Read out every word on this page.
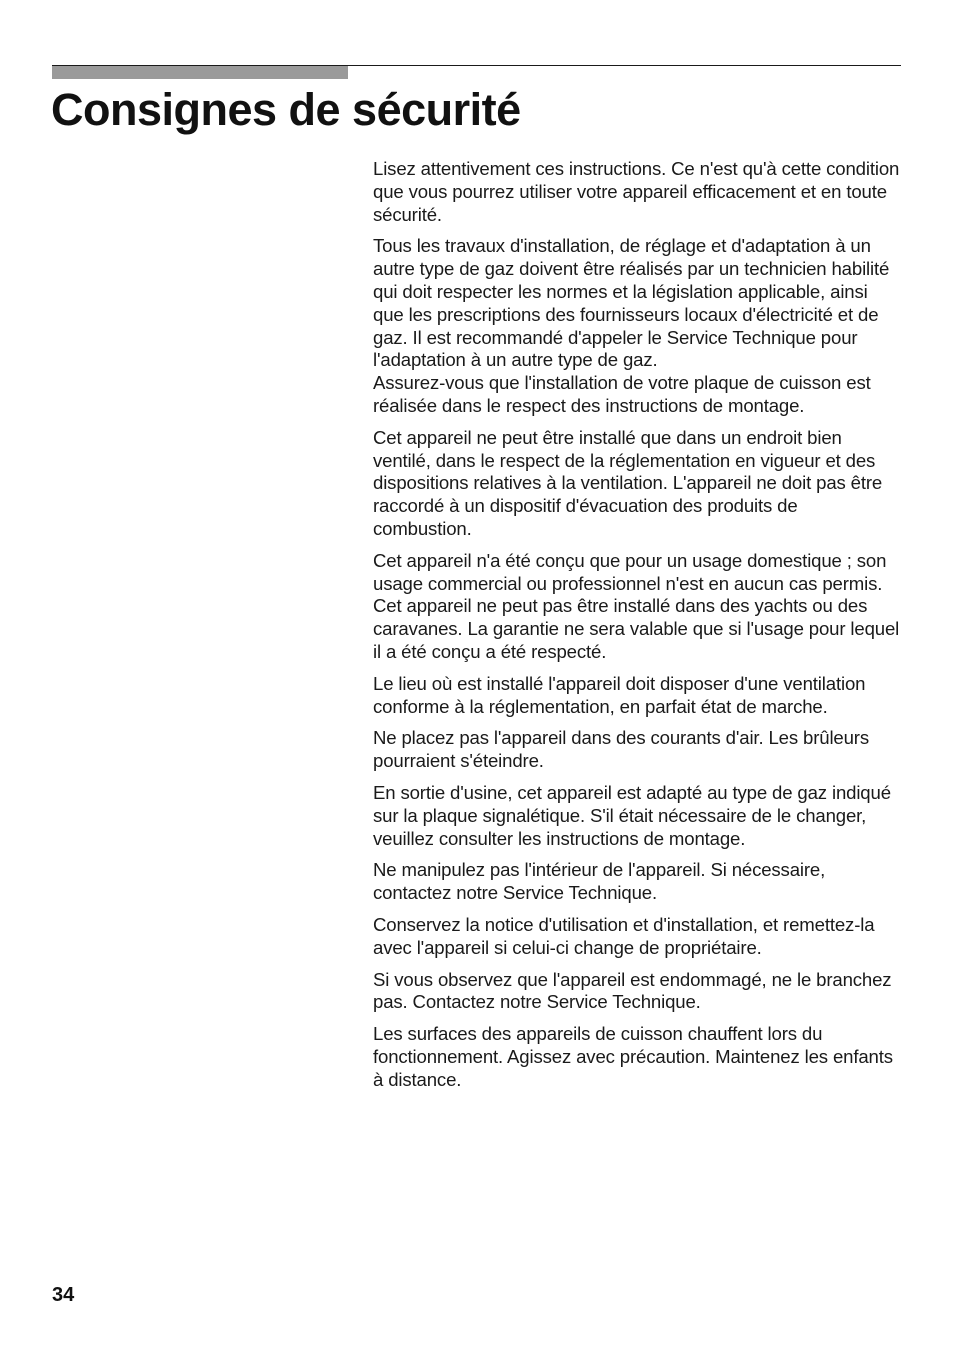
Consignes de sécurité

Lisez attentivement ces instructions. Ce n'est qu'à cette condition que vous pourrez utiliser votre appareil efficacement et en toute sécurité.

Tous les travaux d'installation, de réglage et d'adaptation à un autre type de gaz doivent être réalisés par un technicien habilité qui doit respecter les normes et la législation applicable, ainsi que les prescriptions des fournisseurs locaux d'électricité et de gaz. Il est recommandé d'appeler le Service Technique pour l'adaptation à un autre type de gaz.

Assurez-vous que l'installation de votre plaque de cuisson est réalisée dans le respect des instructions de montage.

Cet appareil ne peut être installé que dans un endroit bien ventilé, dans le respect de la réglementation en vigueur et des dispositions relatives à la ventilation. L'appareil ne doit pas être raccordé à un dispositif d'évacuation des produits de combustion.

Cet appareil n'a été conçu que pour un usage domestique ; son usage commercial ou professionnel n'est en aucun cas permis. Cet appareil ne peut pas être installé dans des yachts ou des caravanes. La garantie ne sera valable que si l'usage pour lequel il a été conçu a été respecté.

Le lieu où est installé l'appareil doit disposer d'une ventilation conforme à la réglementation, en parfait état de marche.

Ne placez pas l'appareil dans des courants d'air. Les brûleurs pourraient s'éteindre.

En sortie d'usine, cet appareil est adapté au type de gaz indiqué sur la plaque signalétique. S'il était nécessaire de le changer, veuillez consulter les instructions de montage.

Ne manipulez pas l'intérieur de l'appareil. Si nécessaire, contactez notre Service Technique.

Conservez la notice d'utilisation et d'installation, et remettez-la avec l'appareil si celui-ci change de propriétaire.

Si vous observez que l'appareil est endommagé, ne le branchez pas. Contactez notre Service Technique.

Les surfaces des appareils de cuisson chauffent lors du fonctionnement. Agissez avec précaution. Maintenez les enfants à distance.

34
